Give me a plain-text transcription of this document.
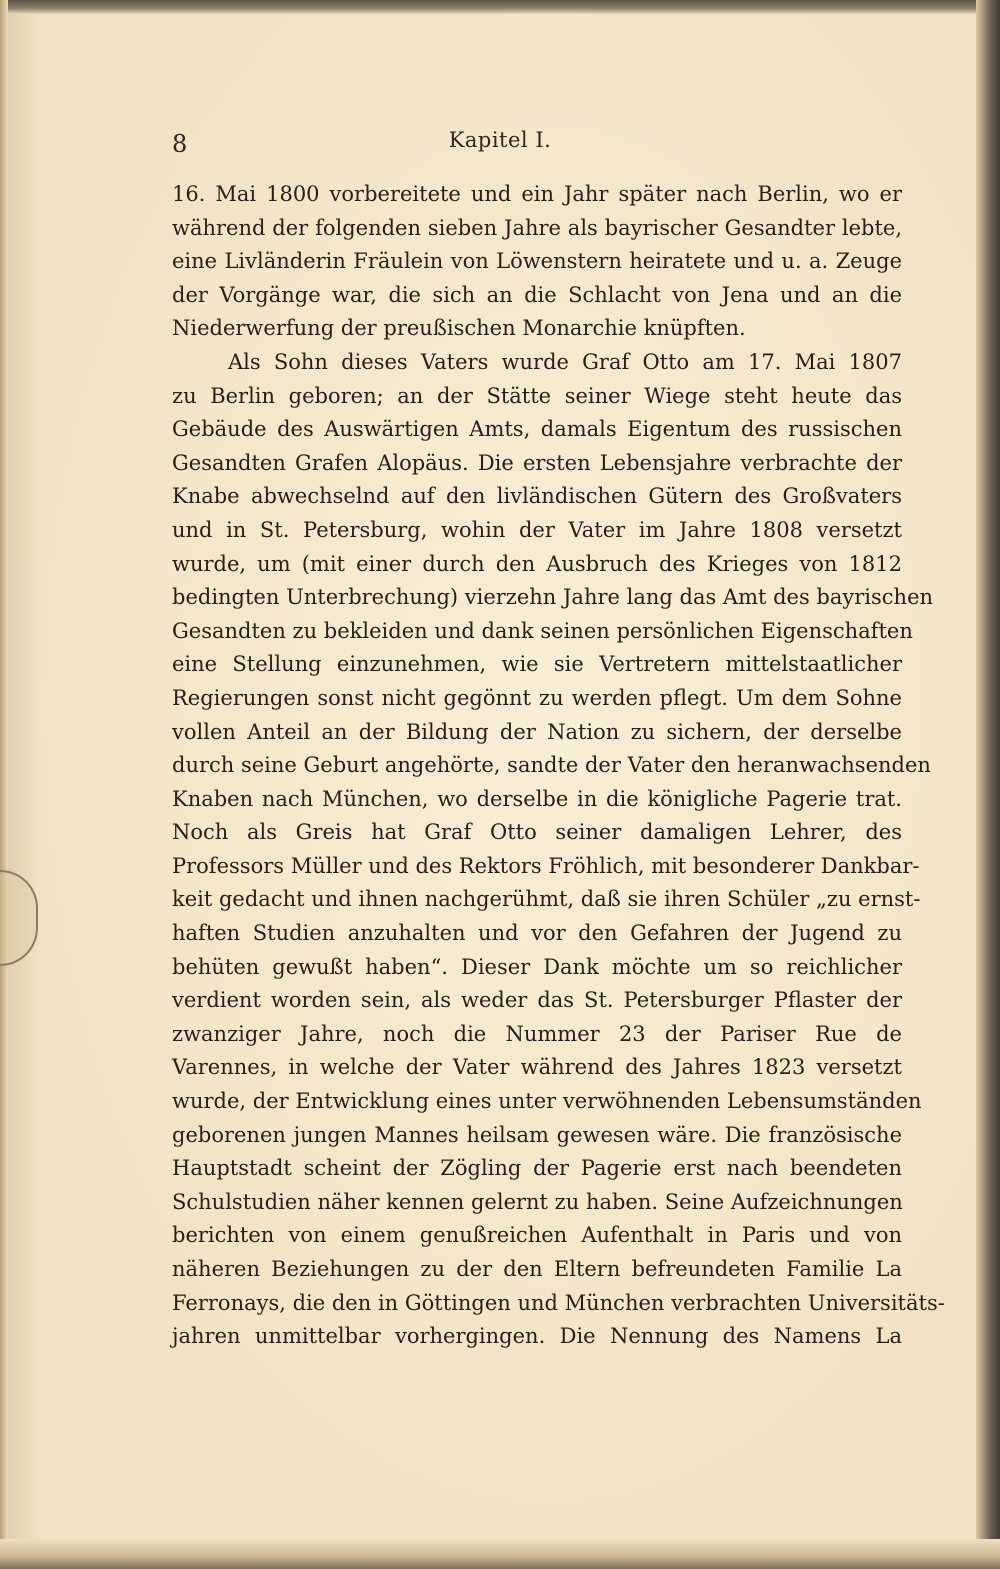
8	Kapitel I.
16. Mai 1800 vorbereitete und ein Jahr später nach Berlin, wo er
während der folgenden sieben Jahre als bayrischer Gesandter lebte,
eine Livländerin Fräulein von Löwenstern heiratete und u. a. Zeuge
der Vorgänge war, die sich an die Schlacht von Jena und an die
Niederwerfung der preußischen Monarchie knüpften.
Als Sohn dieses Vaters wurde Graf Otto am 17. Mai 1807
zu Berlin geboren; an der Stätte seiner Wiege steht heute das
Gebäude des Auswärtigen Amts, damals Eigentum des russischen
Gesandten Grafen Alopäus. Die ersten Lebensjahre verbrachte der
Knabe abwechselnd auf den livländischen Gütern des Großvaters
und in St. Petersburg, wohin der Vater im Jahre 1808 versetzt
wurde, um (mit einer durch den Ausbruch des Krieges von 1812
bedingten Unterbrechung) vierzehn Jahre lang das Amt des bayrischen
Gesandten zu bekleiden und dank seinen persönlichen Eigenschaften
eine Stellung einzunehmen, wie sie Vertretern mittelstaatlicher
Regierungen sonst nicht gegönnt zu werden pflegt. Um dem Sohne
vollen Anteil an der Bildung der Nation zu sichern, der derselbe
durch seine Geburt angehörte, sandte der Vater den heranwachsenden
Knaben nach München, wo derselbe in die königliche Pagerie trat.
Noch als Greis hat Graf Otto seiner damaligen Lehrer, des
Professors Müller und des Rektors Fröhlich, mit besonderer Dankbar-
keit gedacht und ihnen nachgerühmt, daß sie ihren Schüler „zu ernst-
haften Studien anzuhalten und vor den Gefahren der Jugend zu
behüten gewußt haben“. Dieser Dank möchte um so reichlicher
verdient worden sein, als weder das St. Petersburger Pflaster der
zwanziger Jahre, noch die Nummer 23 der Pariser Rue de
Varennes, in welche der Vater während des Jahres 1823 versetzt
wurde, der Entwicklung eines unter verwöhnenden Lebensumständen
geborenen jungen Mannes heilsam gewesen wäre. Die französische
Hauptstadt scheint der Zögling der Pagerie erst nach beendeten
Schulstudien näher kennen gelernt zu haben. Seine Aufzeichnungen
berichten von einem genußreichen Aufenthalt in Paris und von
näheren Beziehungen zu der den Eltern befreundeten Familie La
Ferronays, die den in Göttingen und München verbrachten Universitäts-
jahren unmittelbar vorhergingen. Die Nennung des Namens La
